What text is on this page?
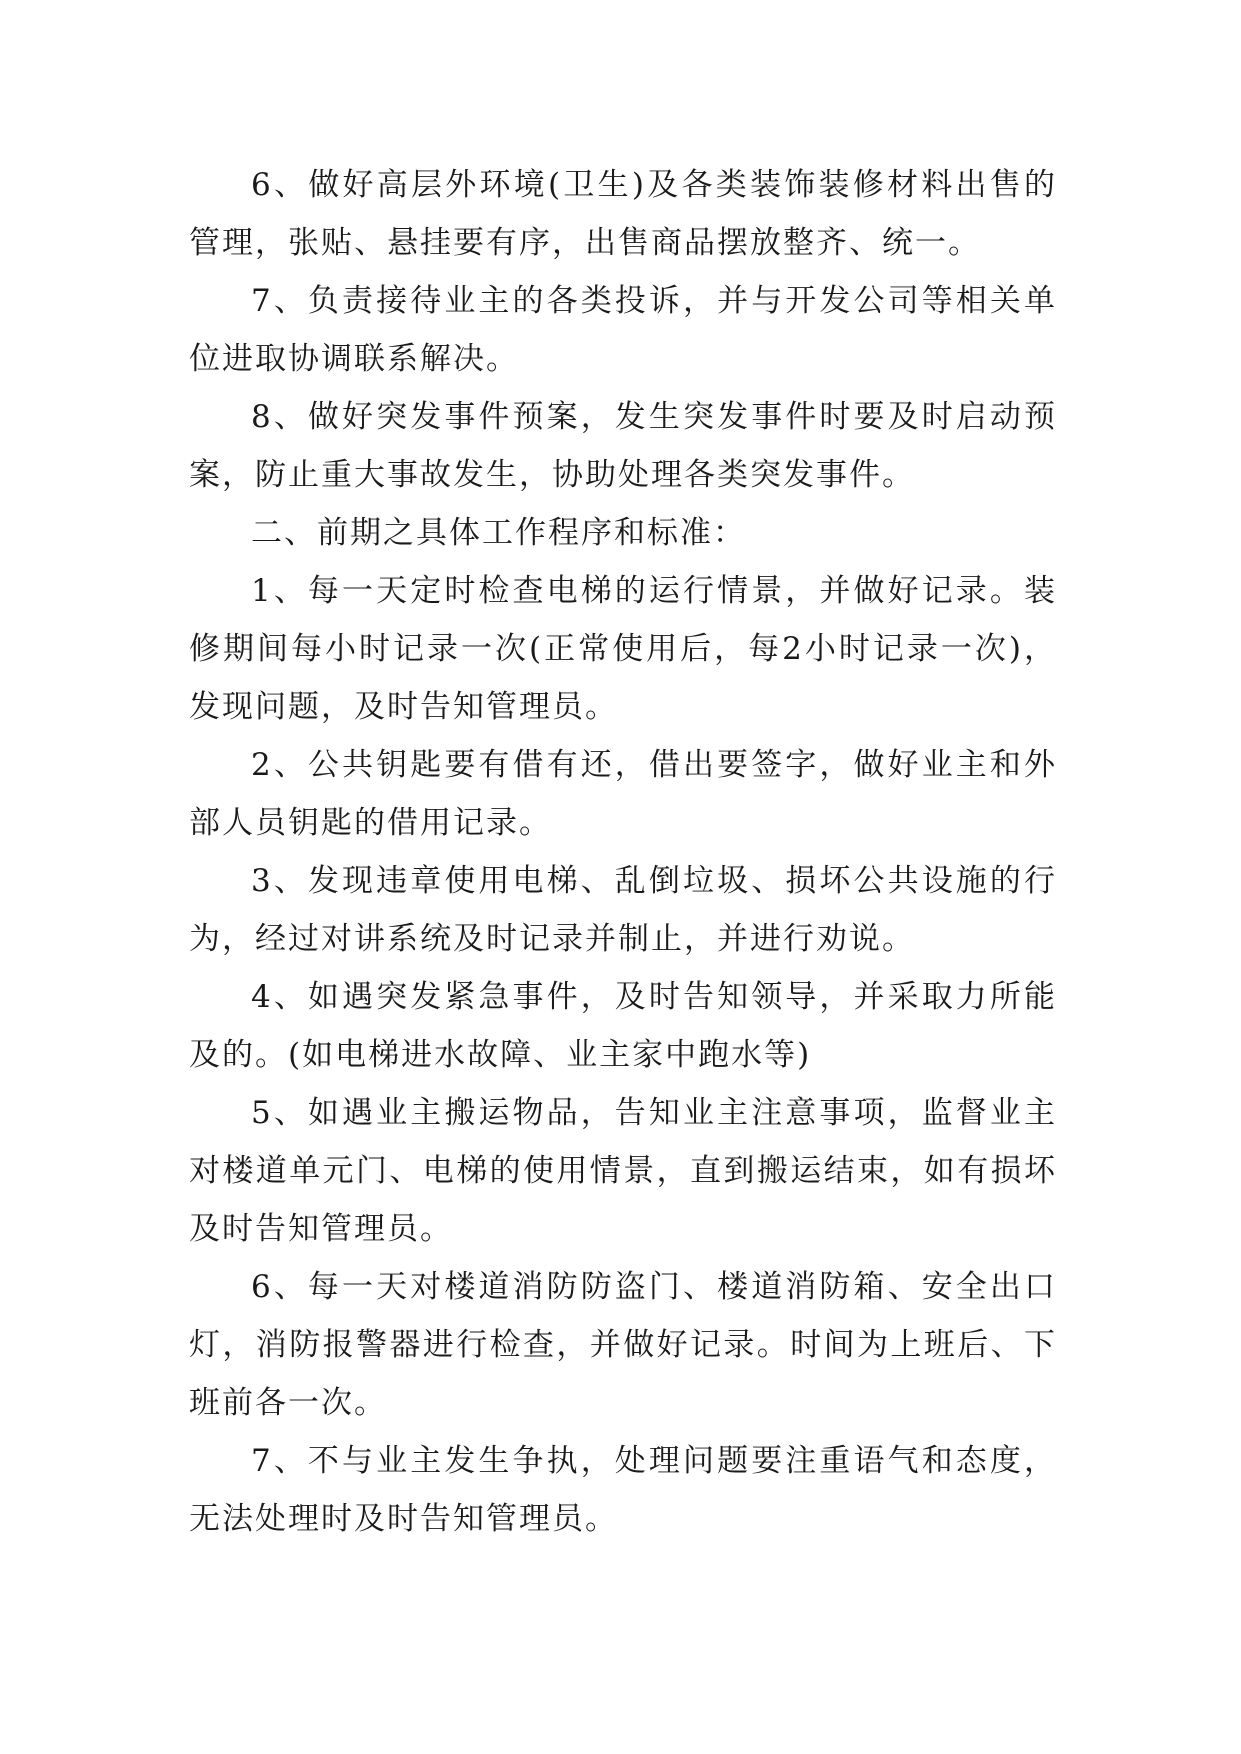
6、做好高层外环境(卫生)及各类装饰装修材料出售的管理，张贴、悬挂要有序，出售商品摆放整齐、统一。

7、负责接待业主的各类投诉，并与开发公司等相关单位进取协调联系解决。

8、做好突发事件预案，发生突发事件时要及时启动预案，防止重大事故发生，协助处理各类突发事件。

二、前期之具体工作程序和标准：

1、每一天定时检查电梯的运行情景，并做好记录。装修期间每小时记录一次(正常使用后，每2小时记录一次)，发现问题，及时告知管理员。

2、公共钥匙要有借有还，借出要签字，做好业主和外部人员钥匙的借用记录。

3、发现违章使用电梯、乱倒垃圾、损坏公共设施的行为，经过对讲系统及时记录并制止，并进行劝说。

4、如遇突发紧急事件，及时告知领导，并采取力所能及的。(如电梯进水故障、业主家中跑水等)

5、如遇业主搬运物品，告知业主注意事项，监督业主对楼道单元门、电梯的使用情景，直到搬运结束，如有损坏及时告知管理员。

6、每一天对楼道消防防盗门、楼道消防箱、安全出口灯，消防报警器进行检查，并做好记录。时间为上班后、下班前各一次。

7、不与业主发生争执，处理问题要注重语气和态度，无法处理时及时告知管理员。
